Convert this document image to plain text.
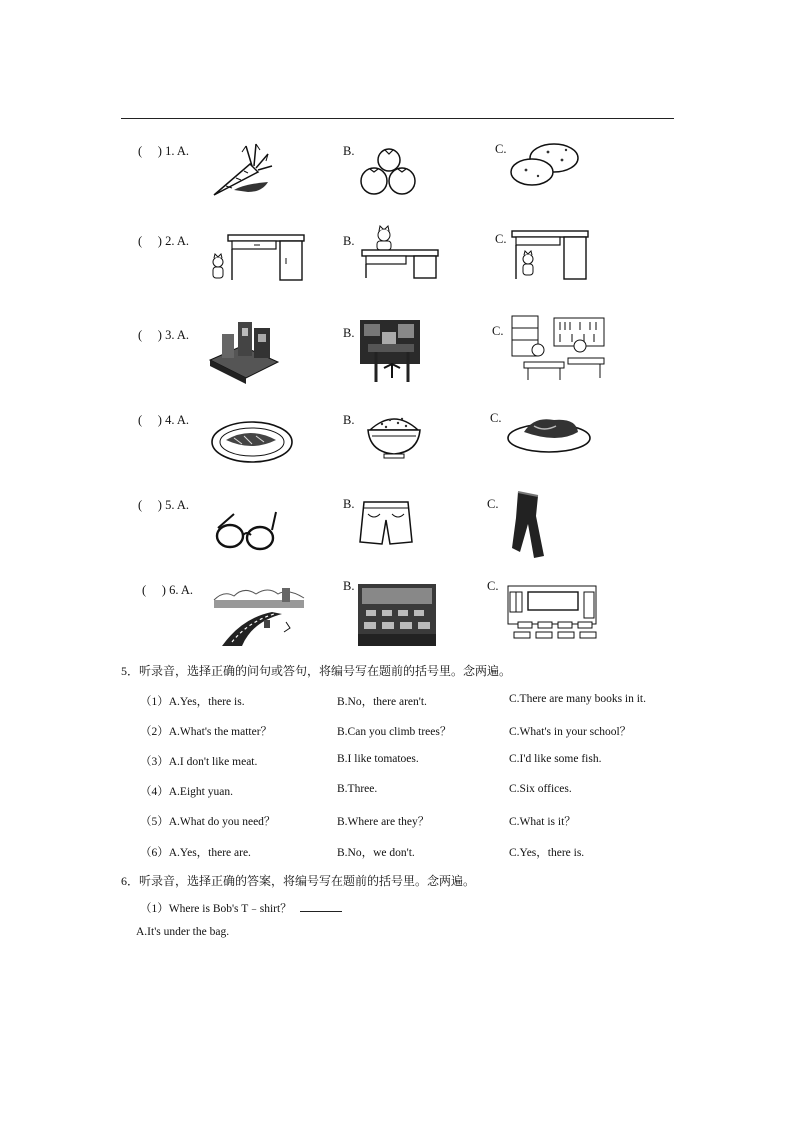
(     ) 1. A.	B.	C.
(     ) 2. A.	B.	C.
(     ) 3. A.	B.	C.
(     ) 4. A.	B.	C.
(     ) 5. A.	B.	C.
(     ) 6. A.	B.	C.
5．听录音，选择正确的问句或答句，将编号写在题前的括号里。念两遍。
（1）A.Yes，there is.	B.No，there aren't.	C.There are many books in it.
（2）A.What's the matter？	B.Can you climb trees？	C.What's in your school？
（3）A.I don't like meat.	B.I like tomatoes.	C.I'd like some fish.
（4）A.Eight yuan.	B.Three.	C.Six offices.
（5）A.What do you need？	B.Where are they？	C.What is it？
（6）A.Yes，there are.	B.No，we don't.	C.Yes，there is.
6．听录音，选择正确的答案，将编号写在题前的括号里。念两遍。
（1）Where is Bob's T﹣shirt？
A.It's under the bag.
